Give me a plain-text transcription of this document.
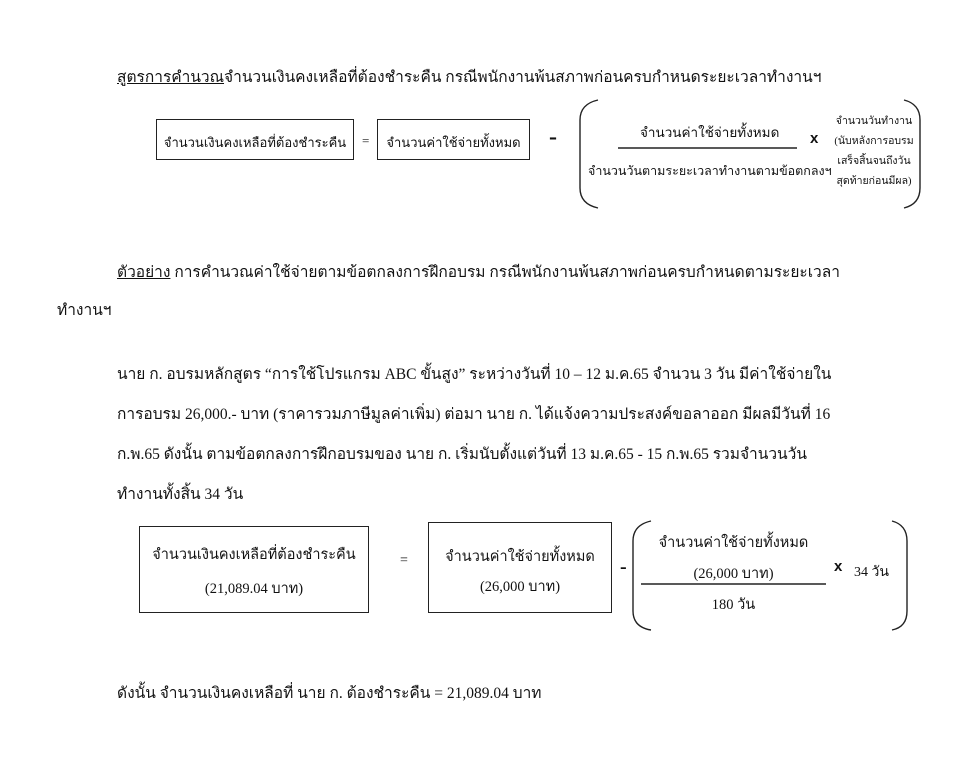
สูตรการคำนวณจำนวนเงินคงเหลือที่ต้องชำระคืน กรณีพนักงานพ้นสภาพก่อนครบกำหนดระยะเวลาทำงานฯ
จำนวนเงินคงเหลือที่ต้องชำระคืน	=	จำนวนค่าใช้จ่ายทั้งหมด	-	จำนวนค่าใช้จ่ายทั้งหมด
จำนวนวันตามระยะเวลาทำงานตามข้อตกลงฯ
x
จำนวนวันทำงาน
(นับหลังการอบรม
เสร็จสิ้นจนถึงวัน
สุดท้ายก่อนมีผล)
ตัวอย่าง การคำนวณค่าใช้จ่ายตามข้อตกลงการฝึกอบรม กรณีพนักงานพ้นสภาพก่อนครบกำหนดตามระยะเวลา
ทำงานฯ
นาย ก. อบรมหลักสูตร “การใช้โปรแกรม ABC ขั้นสูง” ระหว่างวันที่ 10 – 12 ม.ค.65 จำนวน 3 วัน มีค่าใช้จ่ายใน
การอบรม 26,000.- บาท (ราคารวมภาษีมูลค่าเพิ่ม) ต่อมา นาย ก. ได้แจ้งความประสงค์ขอลาออก มีผลมีวันที่ 16
ก.พ.65 ดังนั้น ตามข้อตกลงการฝึกอบรมของ นาย ก. เริ่มนับตั้งแต่วันที่ 13 ม.ค.65 - 15 ก.พ.65 รวมจำนวนวัน
ทำงานทั้งสิ้น 34 วัน
จำนวนเงินคงเหลือที่ต้องชำระคืน
(21,089.04 บาท)
=	จำนวนค่าใช้จ่ายทั้งหมด
(26,000 บาท)
-
จำนวนค่าใช้จ่ายทั้งหมด
(26,000 บาท)
180 วัน
x 34 วัน
ดังนั้น จำนวนเงินคงเหลือที่ นาย ก. ต้องชำระคืน = 21,089.04 บาท
